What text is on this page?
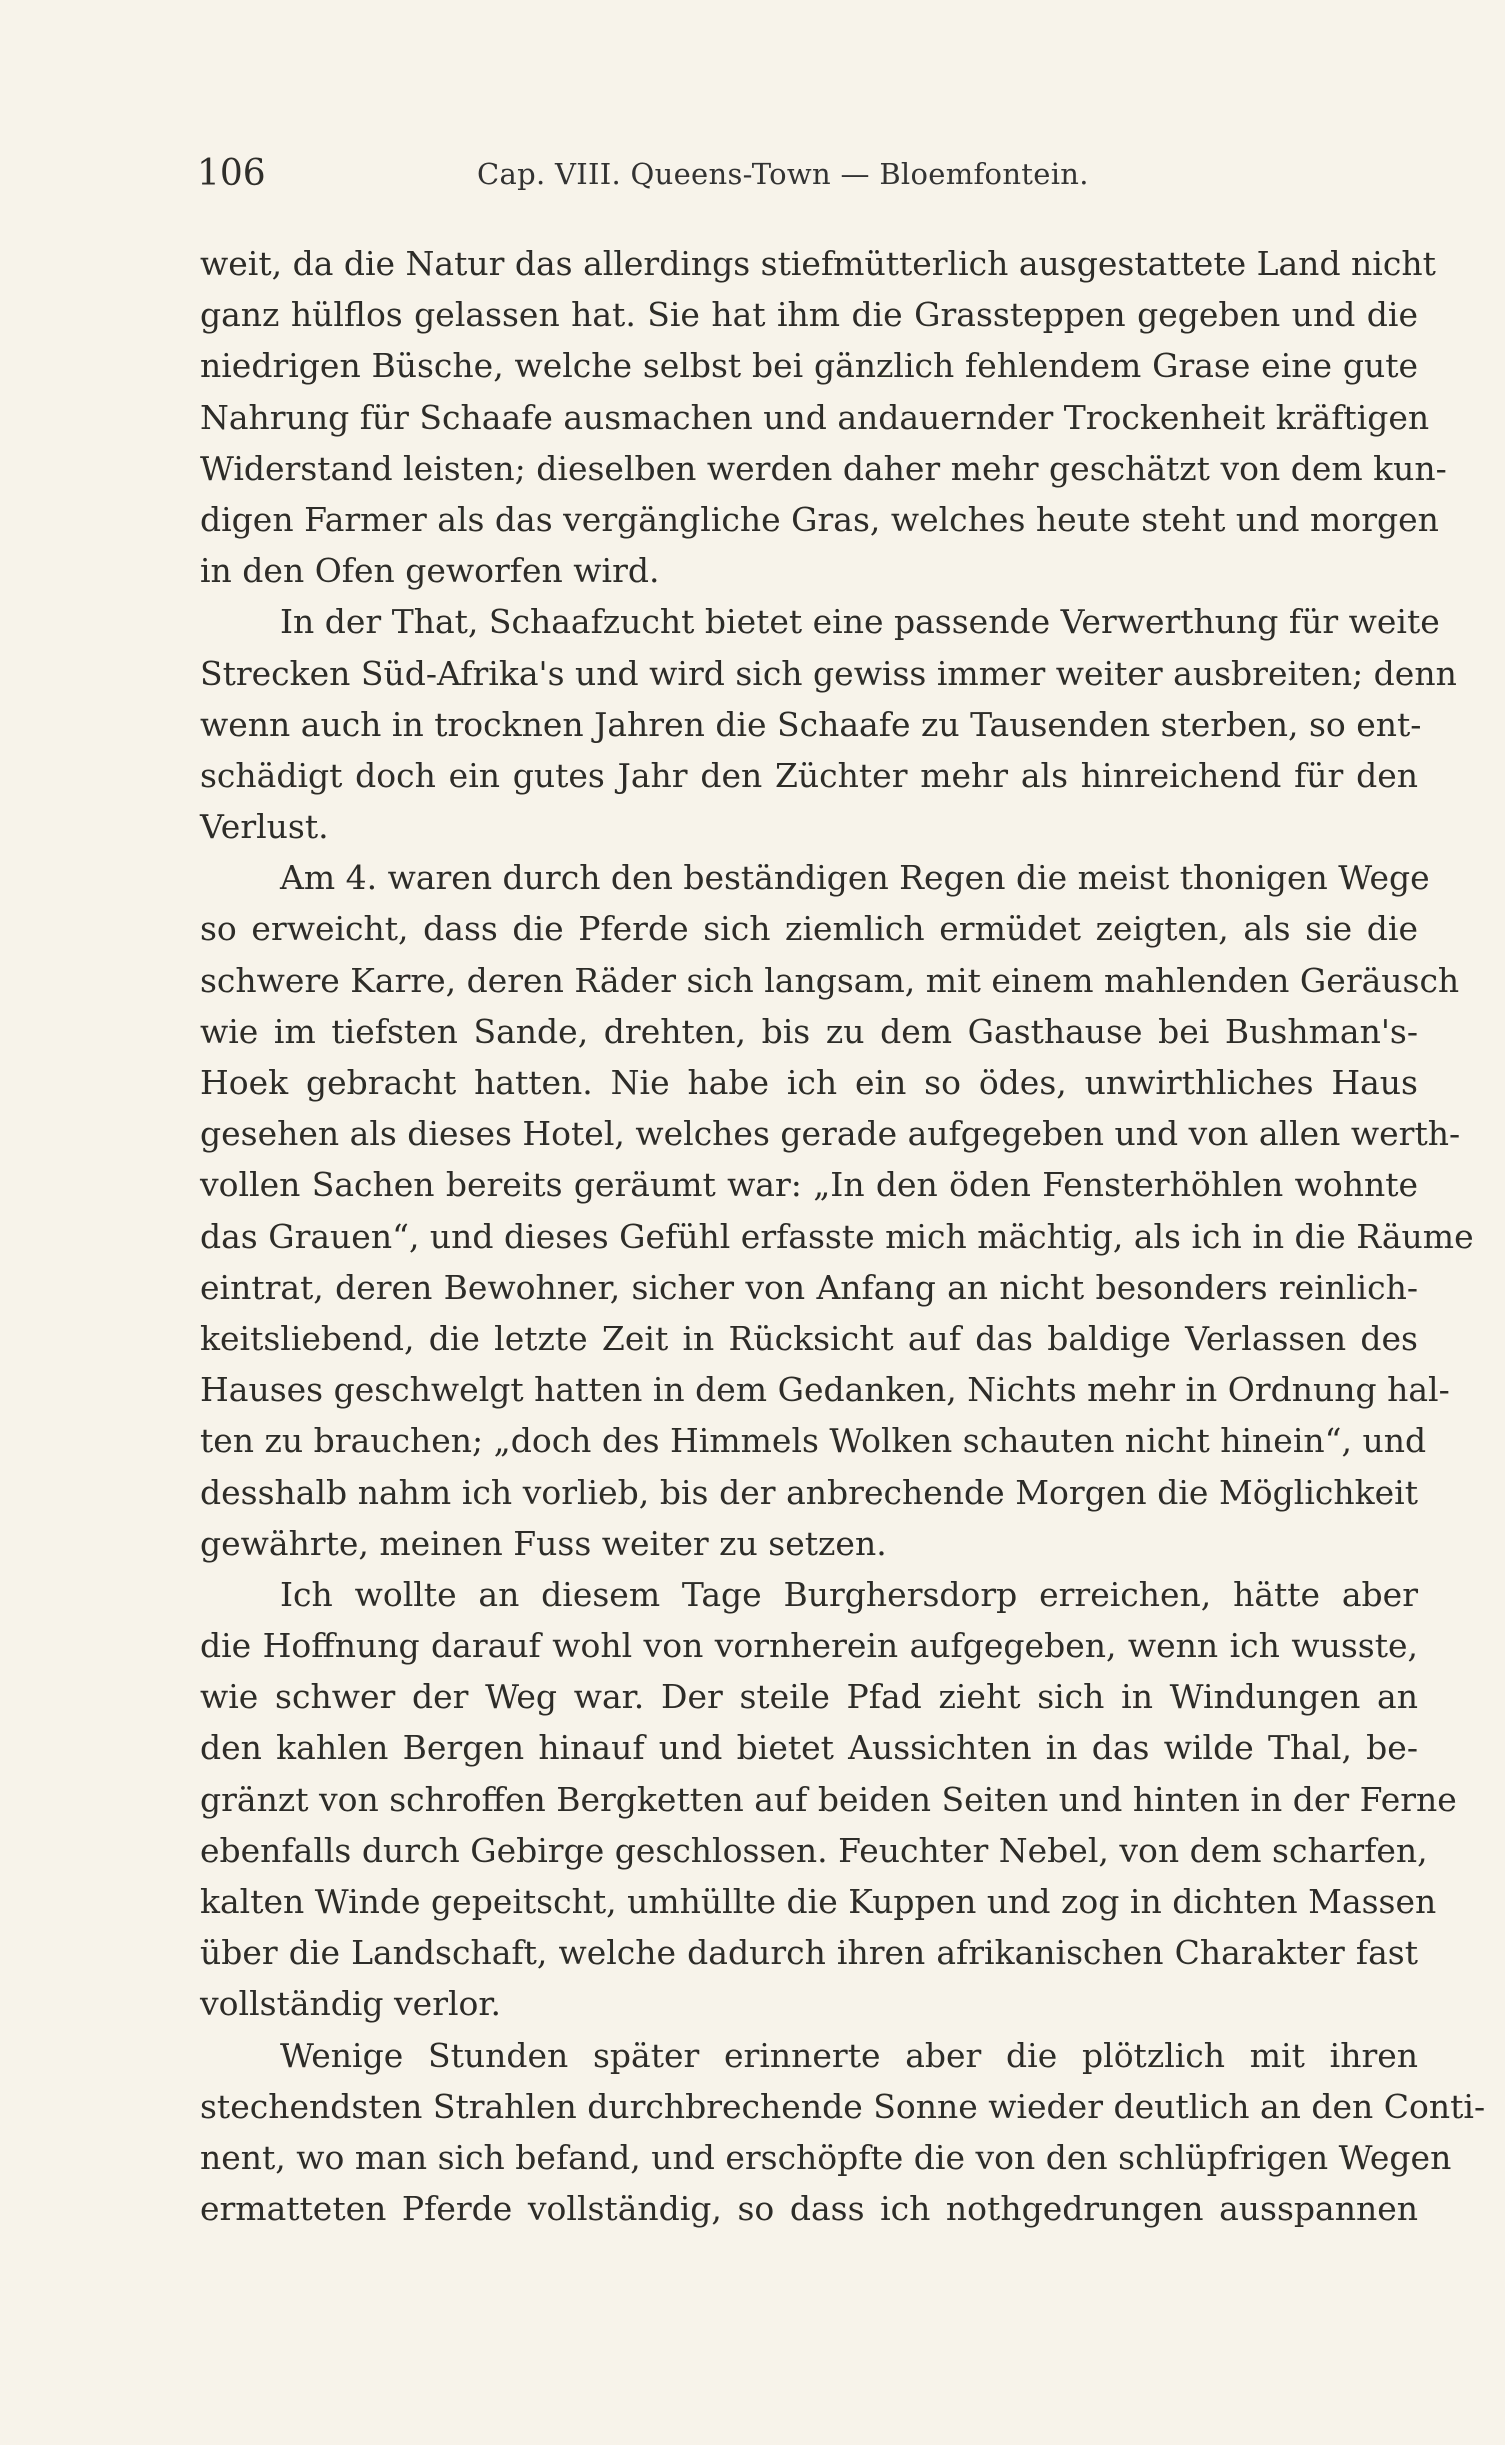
106	Cap. VIII. Queens-Town — Bloemfontein.
weit, da die Natur das allerdings stiefmütterlich ausgestattete Land nicht
ganz hülflos gelassen hat. Sie hat ihm die Grassteppen gegeben und die
niedrigen Büsche, welche selbst bei gänzlich fehlendem Grase eine gute
Nahrung für Schaafe ausmachen und andauernder Trockenheit kräftigen
Widerstand leisten; dieselben werden daher mehr geschätzt von dem kun-
digen Farmer als das vergängliche Gras, welches heute steht und morgen
in den Ofen geworfen wird.
In der That, Schaafzucht bietet eine passende Verwerthung für weite
Strecken Süd-Afrika's und wird sich gewiss immer weiter ausbreiten; denn
wenn auch in trocknen Jahren die Schaafe zu Tausenden sterben, so ent-
schädigt doch ein gutes Jahr den Züchter mehr als hinreichend für den
Verlust.
Am 4. waren durch den beständigen Regen die meist thonigen Wege
so erweicht, dass die Pferde sich ziemlich ermüdet zeigten, als sie die
schwere Karre, deren Räder sich langsam, mit einem mahlenden Geräusch
wie im tiefsten Sande, drehten, bis zu dem Gasthause bei Bushman's-
Hoek gebracht hatten. Nie habe ich ein so ödes, unwirthliches Haus
gesehen als dieses Hotel, welches gerade aufgegeben und von allen werth-
vollen Sachen bereits geräumt war: „In den öden Fensterhöhlen wohnte
das Grauen“, und dieses Gefühl erfasste mich mächtig, als ich in die Räume
eintrat, deren Bewohner, sicher von Anfang an nicht besonders reinlich-
keitsliebend, die letzte Zeit in Rücksicht auf das baldige Verlassen des
Hauses geschwelgt hatten in dem Gedanken, Nichts mehr in Ordnung hal-
ten zu brauchen; „doch des Himmels Wolken schauten nicht hinein“, und
desshalb nahm ich vorlieb, bis der anbrechende Morgen die Möglichkeit
gewährte, meinen Fuss weiter zu setzen.
Ich wollte an diesem Tage Burghersdorp erreichen, hätte aber
die Hoffnung darauf wohl von vornherein aufgegeben, wenn ich wusste,
wie schwer der Weg war. Der steile Pfad zieht sich in Windungen an
den kahlen Bergen hinauf und bietet Aussichten in das wilde Thal, be-
gränzt von schroffen Bergketten auf beiden Seiten und hinten in der Ferne
ebenfalls durch Gebirge geschlossen. Feuchter Nebel, von dem scharfen,
kalten Winde gepeitscht, umhüllte die Kuppen und zog in dichten Massen
über die Landschaft, welche dadurch ihren afrikanischen Charakter fast
vollständig verlor.
Wenige Stunden später erinnerte aber die plötzlich mit ihren
stechendsten Strahlen durchbrechende Sonne wieder deutlich an den Conti-
nent, wo man sich befand, und erschöpfte die von den schlüpfrigen Wegen
ermatteten Pferde vollständig, so dass ich nothgedrungen ausspannen
